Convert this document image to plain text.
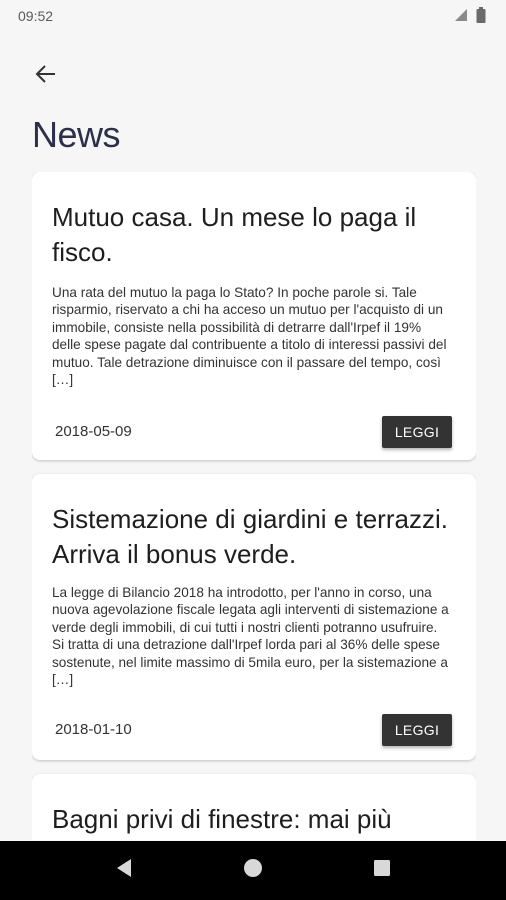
09:52
News
Mutuo casa. Un mese lo paga il fisco.
Una rata del mutuo la paga lo Stato? In poche parole si. Tale risparmio, riservato a chi ha acceso un mutuo per l'acquisto di un immobile, consiste nella possibilità di detrarre dall'Irpef il 19% delle spese pagate dal contribuente a titolo di interessi passivi del mutuo. Tale detrazione diminuisce con il passare del tempo, così […]
2018-05-09	LEGGI
Sistemazione di giardini e terrazzi. Arriva il bonus verde.
La legge di Bilancio 2018 ha introdotto, per l'anno in corso, una nuova agevolazione fiscale legata agli interventi di sistemazione a verde degli immobili, di cui tutti i nostri clienti potranno usufruire. Si tratta di una detrazione dall'Irpef lorda pari al 36% delle spese sostenute, nel limite massimo di 5mila euro, per la sistemazione a […]
2018-01-10	LEGGI
Bagni privi di finestre: mai più
